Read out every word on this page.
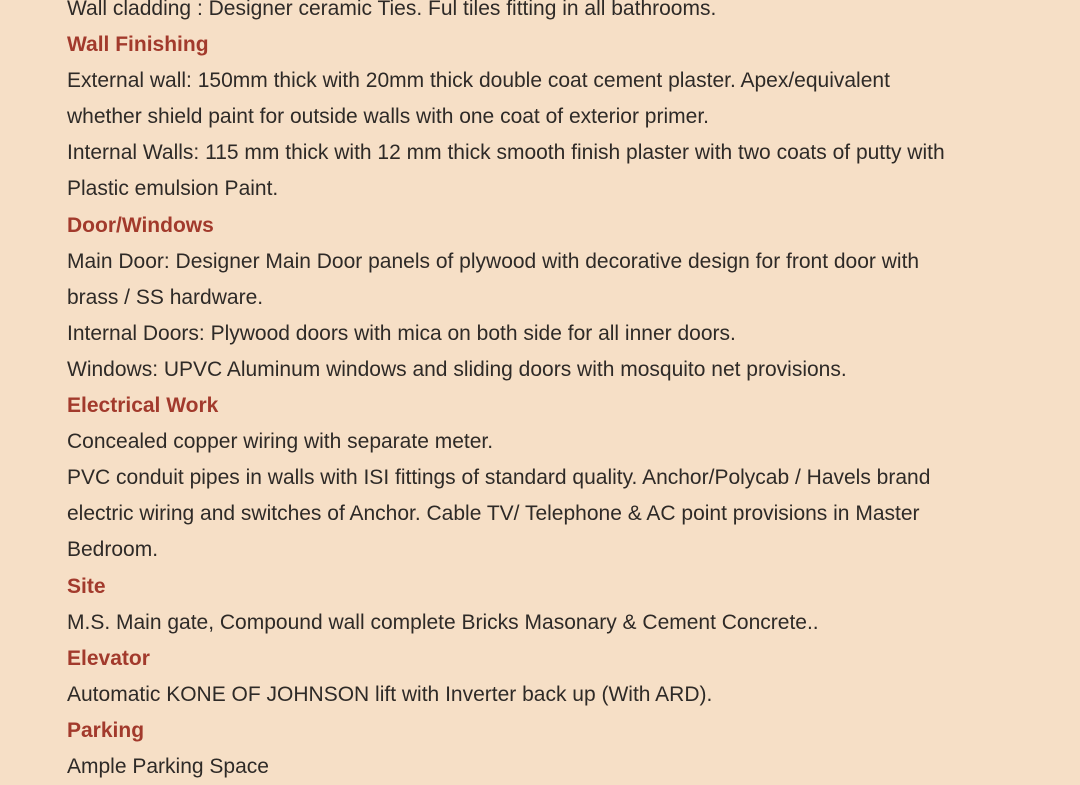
Wall cladding : Designer ceramic Ties. Ful tiles fitting in all bathrooms.

Wall Finishing

External wall: 150mm thick with 20mm thick double coat cement plaster. Apex/equivalent

whether shield paint for outside walls with one coat of exterior primer.

Internal Walls: 115 mm thick with 12 mm thick smooth finish plaster with two coats of putty with

Plastic emulsion Paint.

Door/Windows

Main Door: Designer Main Door panels of plywood with decorative design for front door with

brass / SS hardware.

Internal Doors: Plywood doors with mica on both side for all inner doors.

Windows: UPVC Aluminum windows and sliding doors with mosquito net provisions.

Electrical Work

Concealed copper wiring with separate meter.

PVC conduit pipes in walls with ISI fittings of standard quality. Anchor/Polycab / Havels brand

electric wiring and switches of Anchor. Cable TV/ Telephone & AC point provisions in Master

Bedroom.

Site

M.S. Main gate, Compound wall complete Bricks Masonary & Cement Concrete..

Elevator

Automatic KONE OF JOHNSON lift with Inverter back up (With ARD).

Parking

Ample Parking Space
